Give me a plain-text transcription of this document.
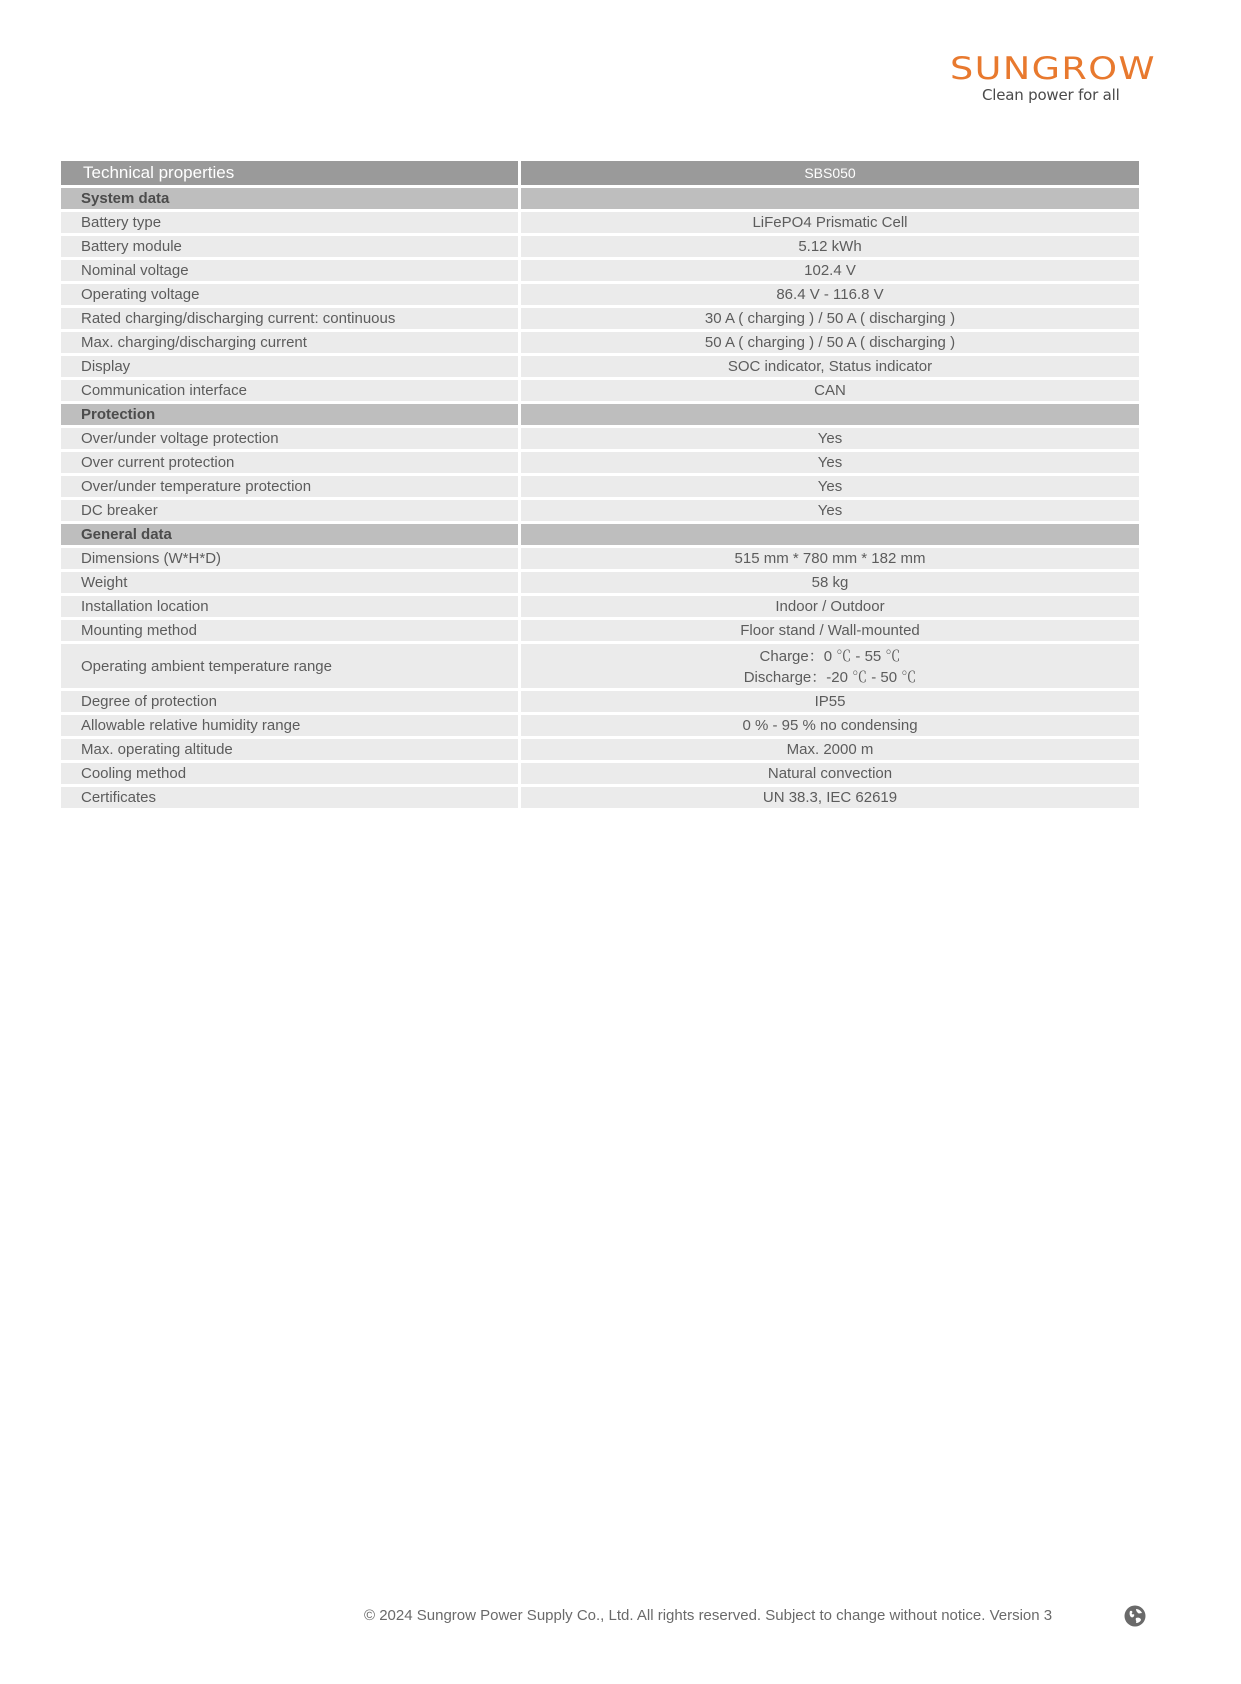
SUNGROW
Clean power for all
Technical properties	SBS050
System data	
Battery type	LiFePO4 Prismatic Cell
Battery module	5.12 kWh
Nominal voltage	102.4 V
Operating voltage	86.4 V - 116.8 V
Rated charging/discharging current: continuous	30 A ( charging ) / 50 A ( discharging )
Max. charging/discharging current	50 A ( charging ) / 50 A ( discharging )
Display	SOC indicator, Status indicator
Communication interface	CAN
Protection	
Over/under voltage protection	Yes
Over current protection	Yes
Over/under temperature protection	Yes
DC breaker	Yes
General data	
Dimensions (W*H*D)	515 mm * 780 mm * 182 mm
Weight	58 kg
Installation location	Indoor / Outdoor
Mounting method	Floor stand / Wall-mounted
Operating ambient temperature range	Charge：0 ℃ - 55 ℃
Discharge：-20 ℃ - 50 ℃

Degree of protection	IP55
Allowable relative humidity range	0 % - 95 % no condensing
Max. operating altitude	Max. 2000 m
Cooling method	Natural convection
Certificates	UN 38.3, IEC 62619
© 2024 Sungrow Power Supply Co., Ltd. All rights reserved. Subject to change without notice. Version 3
